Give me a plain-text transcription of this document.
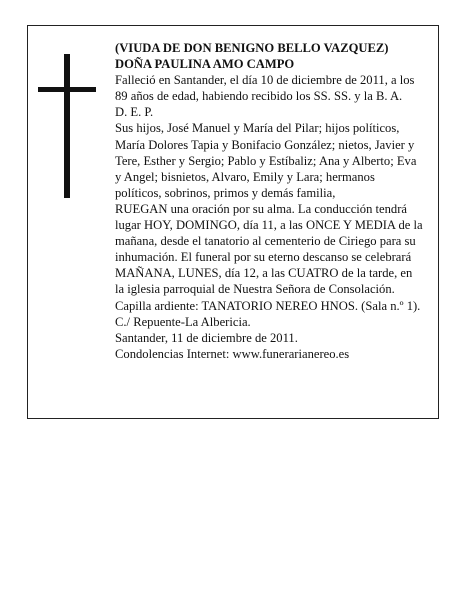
(VIUDA DE DON BENIGNO BELLO VAZQUEZ)

DOÑA PAULINA AMO CAMPO

Falleció en Santander, el día 10 de diciembre de 2011, a los 89 años de edad, habiendo recibido los SS. SS. y la B. A.

D. E. P.

Sus hijos, José Manuel y María del Pilar; hijos políticos, María Dolores Tapia y Bonifacio González; nietos, Javier y Tere, Esther y Sergio; Pablo y Estíbaliz; Ana y Alberto; Eva y Angel; bisnietos, Alvaro, Emily y Lara; hermanos políticos, sobrinos, primos y demás familia,

RUEGAN una oración por su alma. La conducción tendrá lugar HOY, DOMINGO, día 11, a las ONCE Y MEDIA de la mañana, desde el tanatorio al cementerio de Ciriego para su inhumación. El funeral por su eterno descanso se celebrará MAÑANA, LUNES, día 12, a las CUATRO de la tarde, en la iglesia parroquial de Nuestra Señora de Consolación.

Capilla ardiente: TANATORIO NEREO HNOS. (Sala n.º 1). C./ Repuente-La Albericia.

Santander, 11 de diciembre de 2011.

Condolencias Internet: www.funerarianereo.es
